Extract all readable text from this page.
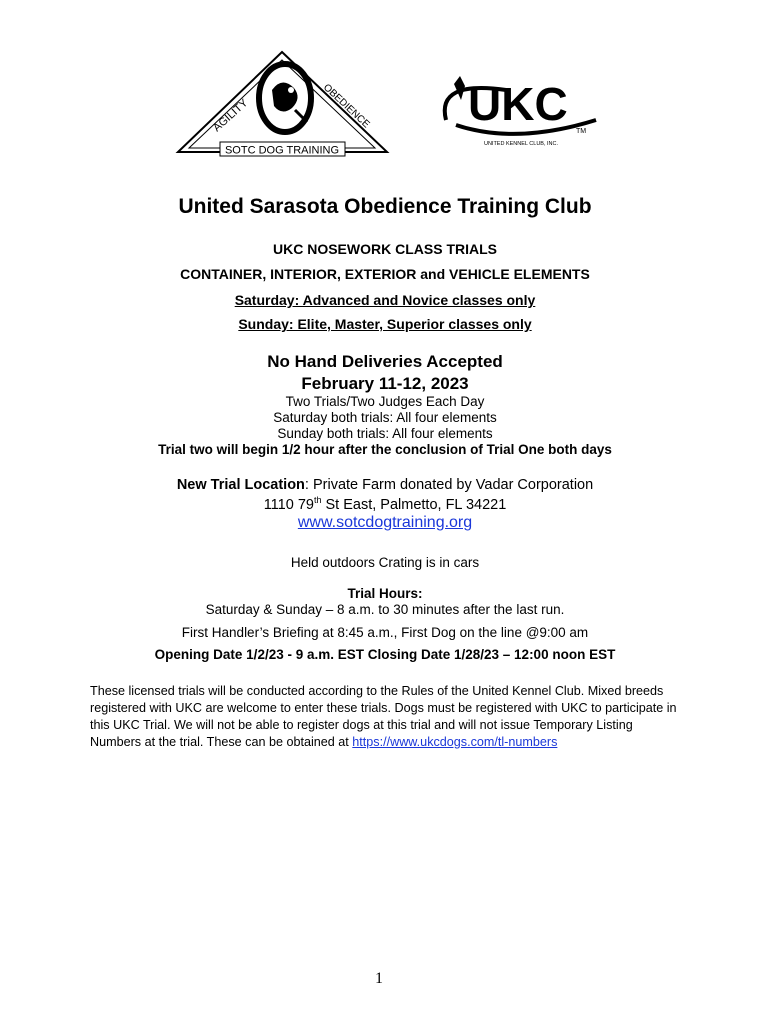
AGILITY	OBEDIENCE
SOTC DOG TRAINING
UKC
TM
UNITED KENNEL CLUB, INC.
United Sarasota Obedience Training Club
UKC NOSEWORK CLASS TRIALS
CONTAINER, INTERIOR, EXTERIOR and VEHICLE ELEMENTS
Saturday: Advanced and Novice classes only
Sunday: Elite, Master, Superior classes only
No Hand Deliveries Accepted
February 11-12, 2023
Two Trials/Two Judges Each Day
Saturday both trials: All four elements
Sunday both trials: All four elements
Trial two will begin 1/2 hour after the conclusion of Trial One both days
New Trial Location: Private Farm donated by Vadar Corporation
1110 79th St East, Palmetto, FL 34221
www.sotcdogtraining.org
Held outdoors Crating is in cars
Trial Hours:
Saturday & Sunday – 8 a.m. to 30 minutes after the last run.
First Handler’s Briefing at 8:45 a.m., First Dog on the line @9:00 am
Opening Date 1/2/23 - 9 a.m. EST Closing Date 1/28/23 – 12:00 noon EST
These licensed trials will be conducted according to the Rules of the United Kennel Club. Mixed breeds registered with UKC are welcome to enter these trials. Dogs must be registered with UKC to participate in this UKC Trial. We will not be able to register dogs at this trial and will not issue Temporary Listing Numbers at the trial. These can be obtained at https://www.ukcdogs.com/tl-numbers
1
